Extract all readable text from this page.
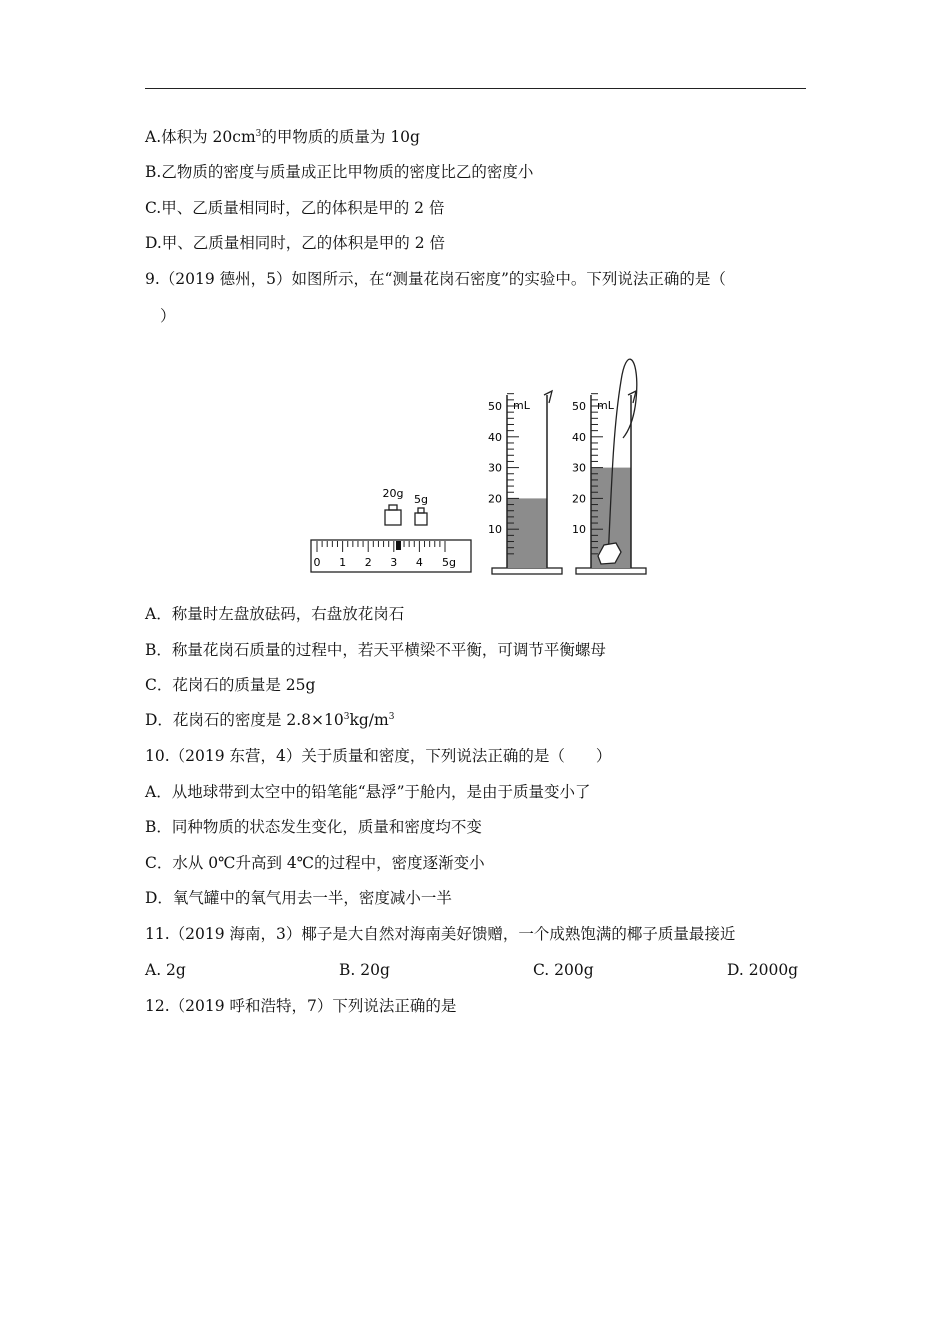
A.体积为 $20cm^3$的甲物质的质量为 10g
B.乙物质的密度与质量成正比甲物质的密度比乙的密度小
C.甲、乙质量相同时，乙的体积是甲的 2 倍
D.甲、乙质量相同时，乙的体积是甲的 2 倍
9.（2019 德州，5）如图所示，在“测量花岗石密度”的实验中。下列说法正确的是（
）
20g 5g
0 1 2 3 4 5g
mL
50
40
30
20
10
mL
50
40
30
20
10
A．称量时左盘放砝码，右盘放花岗石
B．称量花岗石质量的过程中，若天平横梁不平衡，可调节平衡螺母
C．花岗石的质量是 25g
D．花岗石的密度是 $2.8\times 10^3kg/m^3$
10.（2019 东营，4）关于质量和密度，下列说法正确的是（　　）
A．从地球带到太空中的铅笔能“悬浮”于舱内，是由于质量变小了
B．同种物质的状态发生变化，质量和密度均不变
C．水从 0℃升高到 4℃的过程中，密度逐渐变小
D．氧气罐中的氧气用去一半，密度减小一半
11.（2019 海南，3）椰子是大自然对海南美好馈赠，一个成熟饱满的椰子质量最接近
A. 2g	B. 20g	C. 200g	D. 2000g
12.（2019 呼和浩特，7）下列说法正确的是
